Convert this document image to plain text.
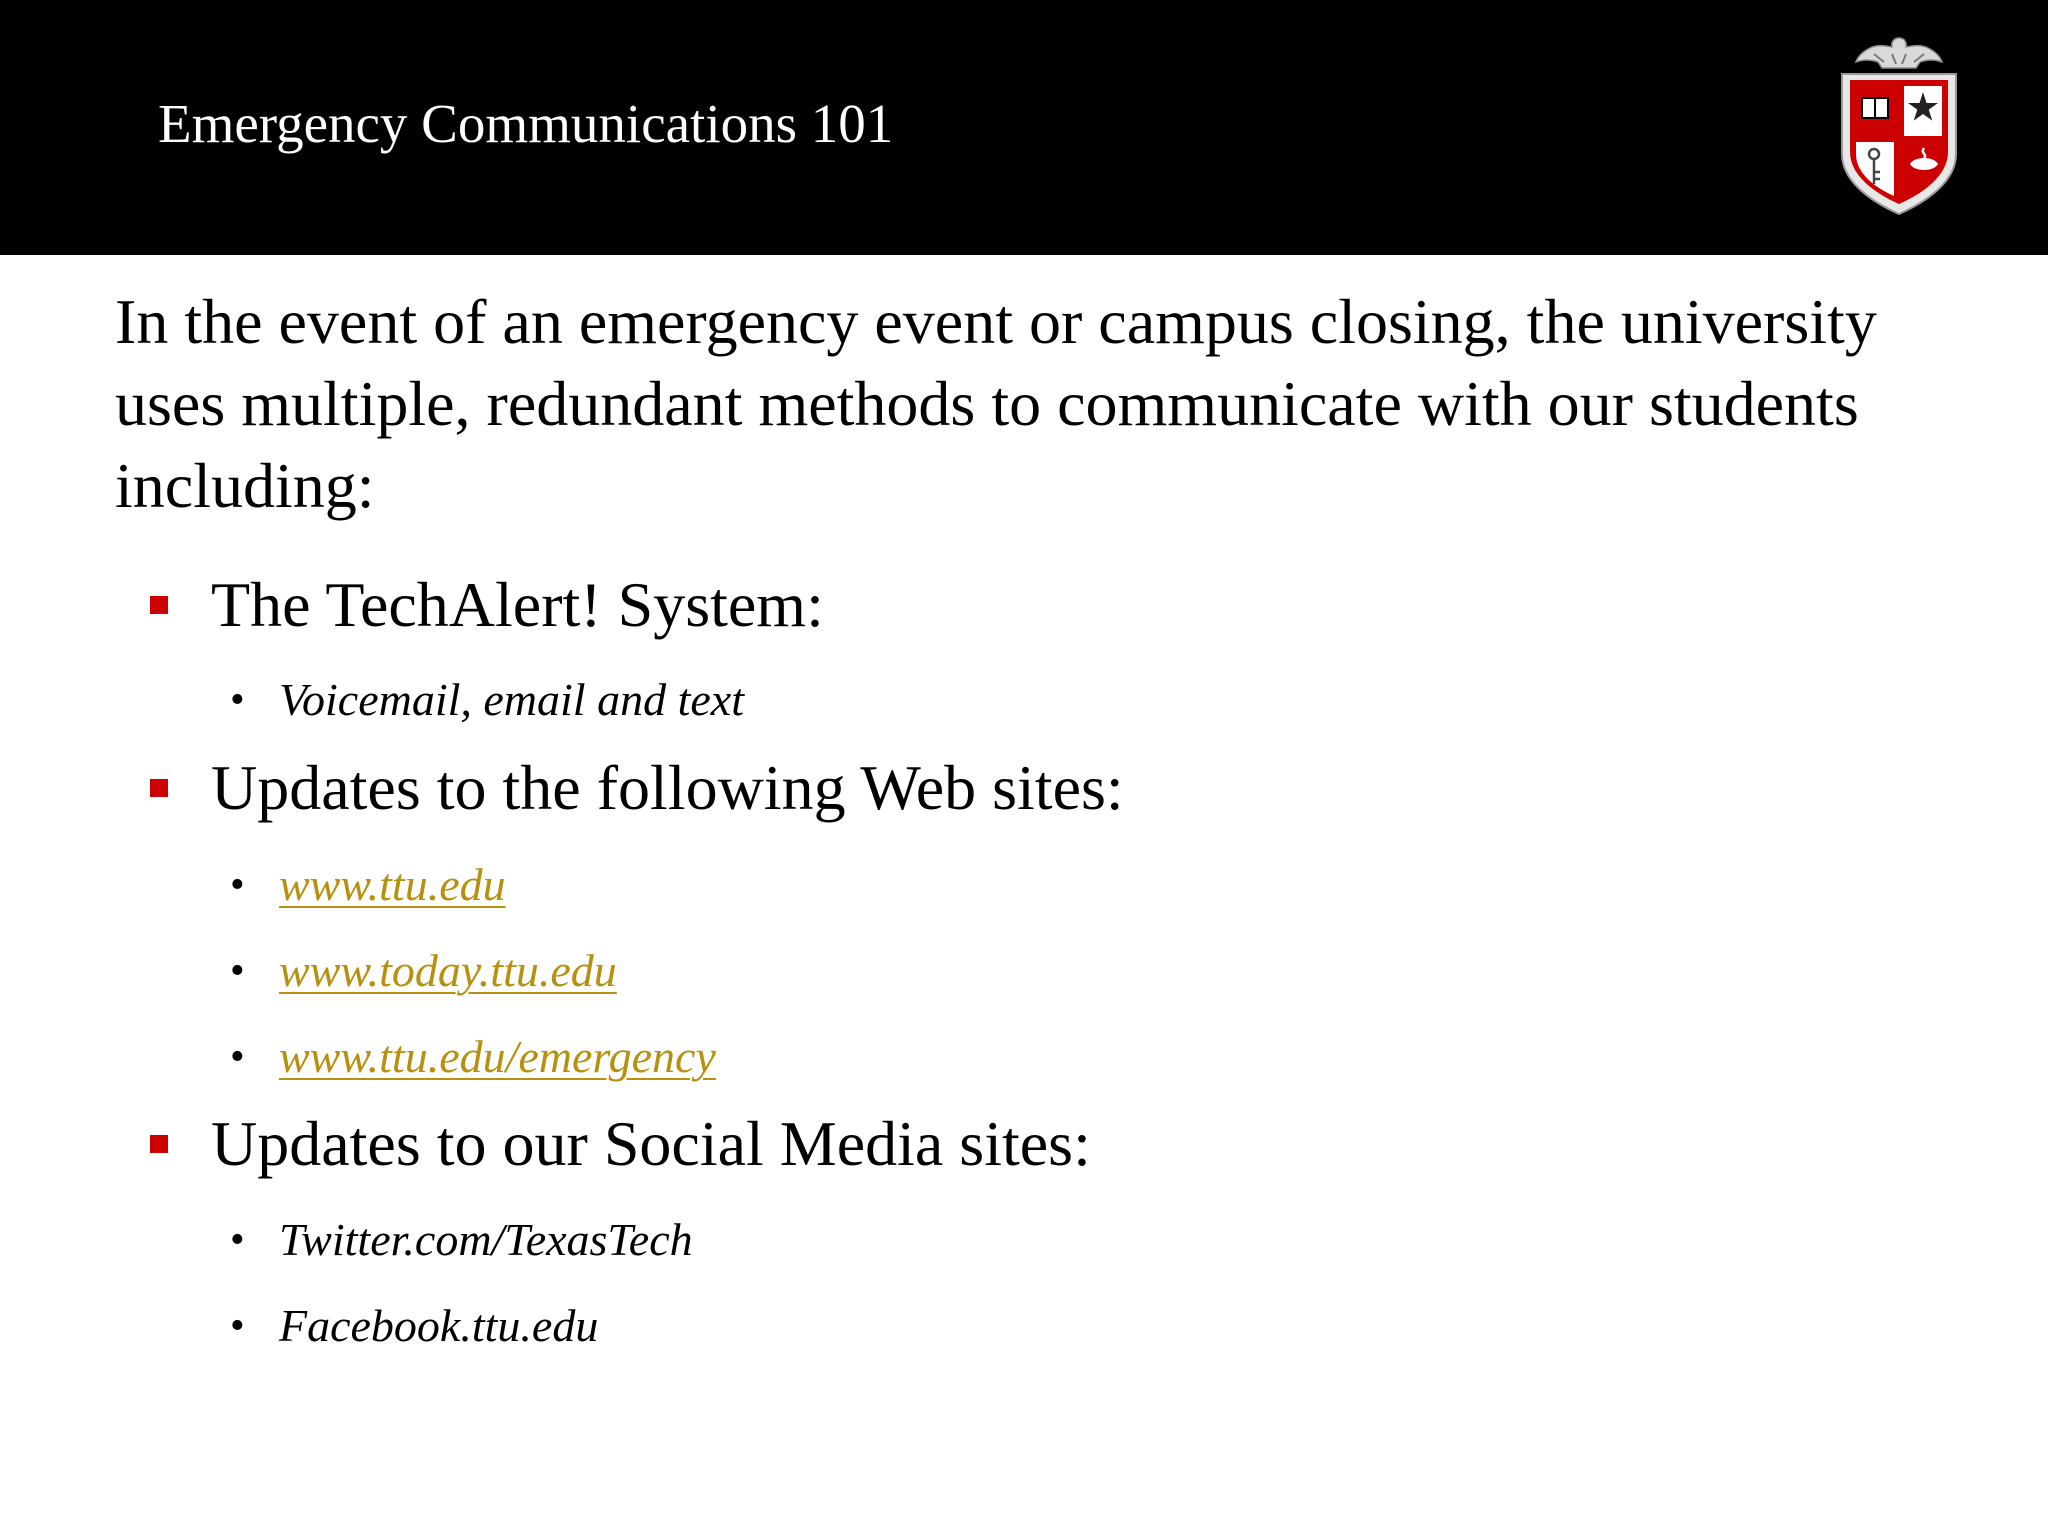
Emergency Communications 101

In the event of an emergency event or campus closing, the university uses multiple, redundant methods to communicate with our students including:

The TechAlert! System:
• Voicemail, email and text
Updates to the following Web sites:
• www.ttu.edu
• www.today.ttu.edu
• www.ttu.edu/emergency
Updates to our Social Media sites:
• Twitter.com/TexasTech
• Facebook.ttu.edu
